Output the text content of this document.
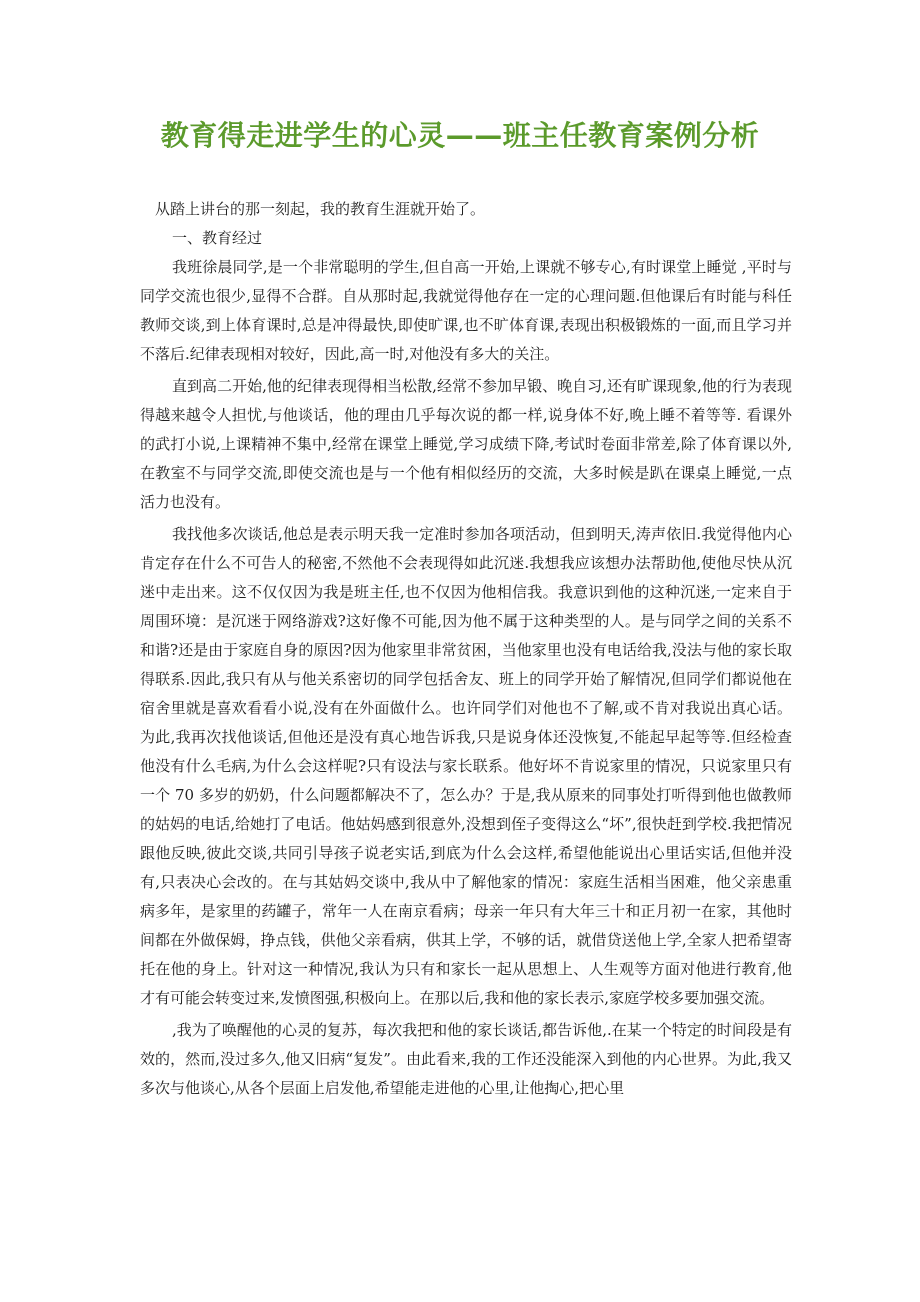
教育得走进学生的心灵——班主任教育案例分析

从踏上讲台的那一刻起，我的教育生涯就开始了。

一、教育经过

我班徐晨同学,是一个非常聪明的学生,但自高一开始,上课就不够专心,有时课堂上睡觉 ,平时与同学交流也很少,显得不合群。自从那时起,我就觉得他存在一定的心理问题.但他课后有时能与科任教师交谈,到上体育课时,总是冲得最快,即使旷课,也不旷体育课,表现出积极锻炼的一面,而且学习并不落后.纪律表现相对较好，因此,高一时,对他没有多大的关注。

直到高二开始,他的纪律表现得相当松散,经常不参加早锻、晚自习,还有旷课现象,他的行为表现得越来越令人担忧,与他谈话，他的理由几乎每次说的都一样,说身体不好,晚上睡不着等等. 看课外的武打小说,上课精神不集中,经常在课堂上睡觉,学习成绩下降,考试时卷面非常差,除了体育课以外,在教室不与同学交流,即使交流也是与一个他有相似经历的交流，大多时候是趴在课桌上睡觉,一点活力也没有。

我找他多次谈话,他总是表示明天我一定准时参加各项活动，但到明天,涛声依旧.我觉得他内心肯定存在什么不可告人的秘密,不然他不会表现得如此沉迷.我想我应该想办法帮助他,使他尽快从沉迷中走出来。这不仅仅因为我是班主任,也不仅因为他相信我。我意识到他的这种沉迷,一定来自于周围环境：是沉迷于网络游戏?这好像不可能,因为他不属于这种类型的人。是与同学之间的关系不和谐?还是由于家庭自身的原因?因为他家里非常贫困，当他家里也没有电话给我,没法与他的家长取得联系.因此,我只有从与他关系密切的同学包括舍友、班上的同学开始了解情况,但同学们都说他在宿舍里就是喜欢看看小说,没有在外面做什么。也许同学们对他也不了解,或不肯对我说出真心话。为此,我再次找他谈话,但他还是没有真心地告诉我,只是说身体还没恢复,不能起早起等等.但经检查他没有什么毛病,为什么会这样呢?只有设法与家长联系。他好坏不肯说家里的情况，只说家里只有一个 70 多岁的奶奶，什么问题都解决不了，怎么办？于是,我从原来的同事处打听得到他也做教师的姑妈的电话,给她打了电话。他姑妈感到很意外,没想到侄子变得这么“坏”,很快赶到学校.我把情况跟他反映,彼此交谈,共同引导孩子说老实话,到底为什么会这样,希望他能说出心里话实话,但他并没有,只表决心会改的。在与其姑妈交谈中,我从中了解他家的情况：家庭生活相当困难，他父亲患重病多年，是家里的药罐子，常年一人在南京看病；母亲一年只有大年三十和正月初一在家，其他时间都在外做保姆，挣点钱，供他父亲看病，供其上学，不够的话，就借贷送他上学,全家人把希望寄托在他的身上。针对这一种情况,我认为只有和家长一起从思想上、人生观等方面对他进行教育,他才有可能会转变过来,发愤图强,积极向上。在那以后,我和他的家长表示,家庭学校多要加强交流。

,我为了唤醒他的心灵的复苏，每次我把和他的家长谈话,都告诉他,.在某一个特定的时间段是有效的，然而,没过多久,他又旧病“复发”。由此看来,我的工作还没能深入到他的内心世界。为此,我又多次与他谈心,从各个层面上启发他,希望能走进他的心里,让他掏心,把心里
